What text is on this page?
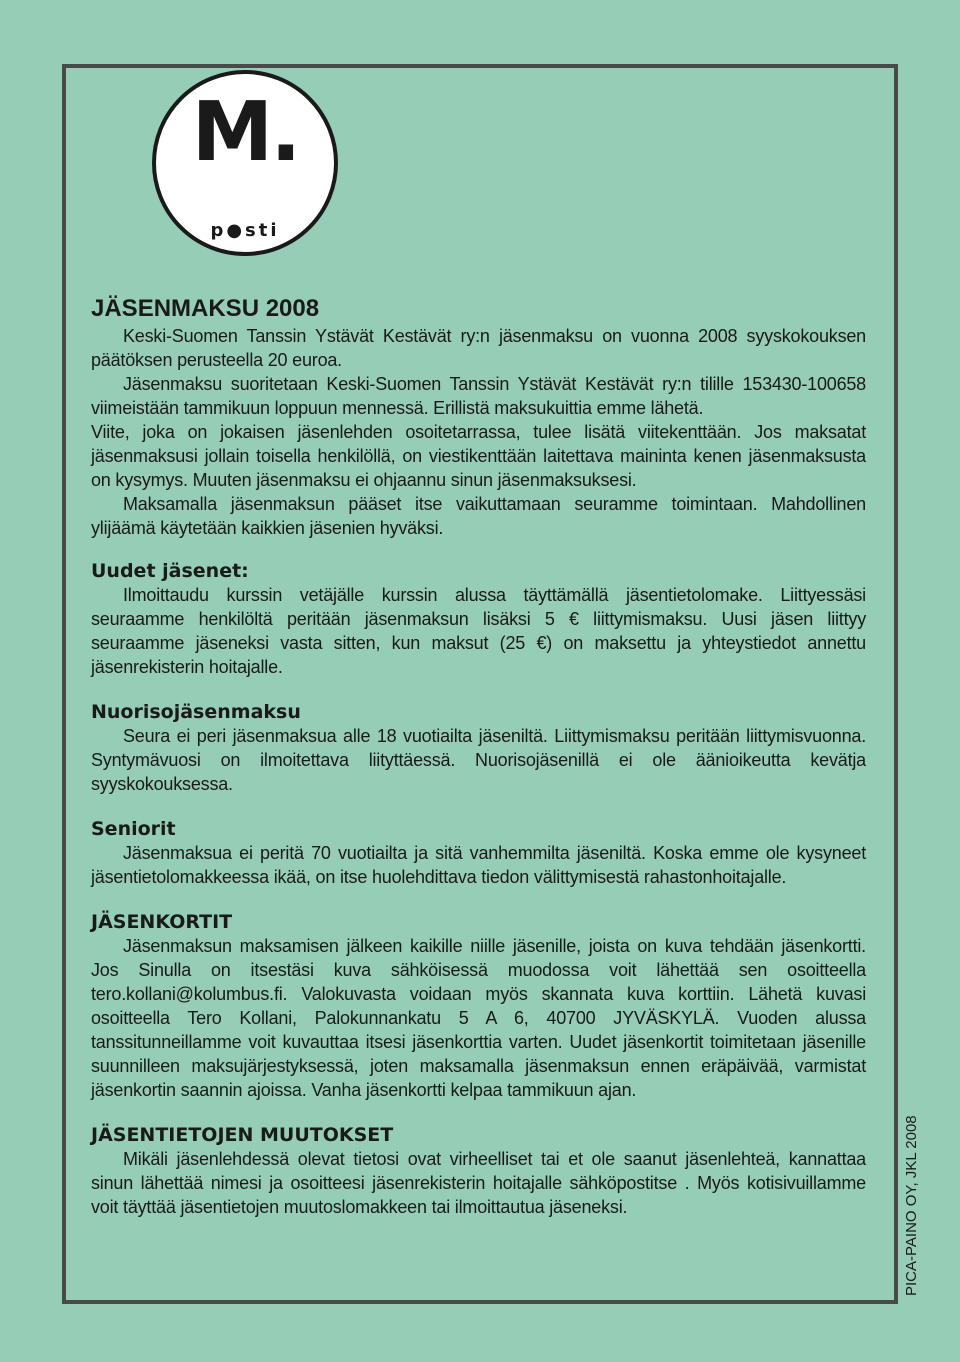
M.
p●sti
JÄSENMAKSU 2008

Keski-Suomen Tanssin Ystävät Kestävät ry:n jäsenmaksu on vuonna 2008 syyskokouksen päätöksen perusteella 20 euroa.

Jäsenmaksu suoritetaan Keski-Suomen Tanssin Ystävät Kestävät ry:n tilille 153430-100658 viimeistään tammikuun loppuun mennessä. Erillistä maksukuittia emme lähetä.

Viite, joka on jokaisen jäsenlehden osoitetarrassa, tulee lisätä viitekenttään. Jos maksatat jäsenmaksusi jollain toisella henkilöllä, on viestikenttään laitettava maininta kenen jäsenmaksusta on kysymys. Muuten jäsenmaksu ei ohjaannu sinun jäsenmaksuksesi.

Maksamalla jäsenmaksun pääset itse vaikuttamaan seuramme toimintaan. Mahdollinen ylijäämä käytetään kaikkien jäsenien hyväksi.

Uudet jäsenet:

Ilmoittaudu kurssin vetäjälle kurssin alussa täyttämällä jäsentietolomake. Liittyessäsi seuraamme henkilöltä peritään jäsenmaksun lisäksi 5 € liittymismaksu. Uusi jäsen liittyy seuraamme jäseneksi vasta sitten, kun maksut (25 €) on maksettu ja yhteystiedot annettu jäsenrekisterin hoitajalle.

Nuorisojäsenmaksu

Seura ei peri jäsenmaksua alle 18 vuotiailta jäseniltä. Liittymismaksu peritään liittymisvuonna. Syntymävuosi on ilmoitettava liityttäessä. Nuorisojäsenillä ei ole äänioikeutta kevätja syyskokouksessa.

Seniorit

Jäsenmaksua ei peritä 70 vuotiailta ja sitä vanhemmilta jäseniltä. Koska emme ole kysyneet jäsentietolomakkeessa ikää, on itse huolehdittava tiedon välittymisestä rahastonhoitajalle.

JÄSENKORTIT

Jäsenmaksun maksamisen jälkeen kaikille niille jäsenille, joista on kuva tehdään jäsenkortti. Jos Sinulla on itsestäsi kuva sähköisessä muodossa voit lähettää sen osoitteella tero.kollani@kolumbus.fi. Valokuvasta voidaan myös skannata kuva korttiin. Lähetä kuvasi osoitteella Tero Kollani, Palokunnankatu 5 A 6, 40700 JYVÄSKYLÄ. Vuoden alussa tanssitunneillamme voit kuvauttaa itsesi jäsenkorttia varten. Uudet jäsenkortit toimitetaan jäsenille suunnilleen maksujärjestyksessä, joten maksamalla jäsenmaksun ennen eräpäivää, varmistat jäsenkortin saannin ajoissa. Vanha jäsenkortti kelpaa tammikuun ajan.

JÄSENTIETOJEN MUUTOKSET

Mikäli jäsenlehdessä olevat tietosi ovat virheelliset tai et ole saanut jäsenlehteä, kannattaa sinun lähettää nimesi ja osoitteesi jäsenrekisterin hoitajalle sähköpostitse . Myös kotisivuillamme voit täyttää jäsentietojen muutoslomakkeen tai ilmoittautua jäseneksi.	PICA-PAINO OY, JKL 2008
